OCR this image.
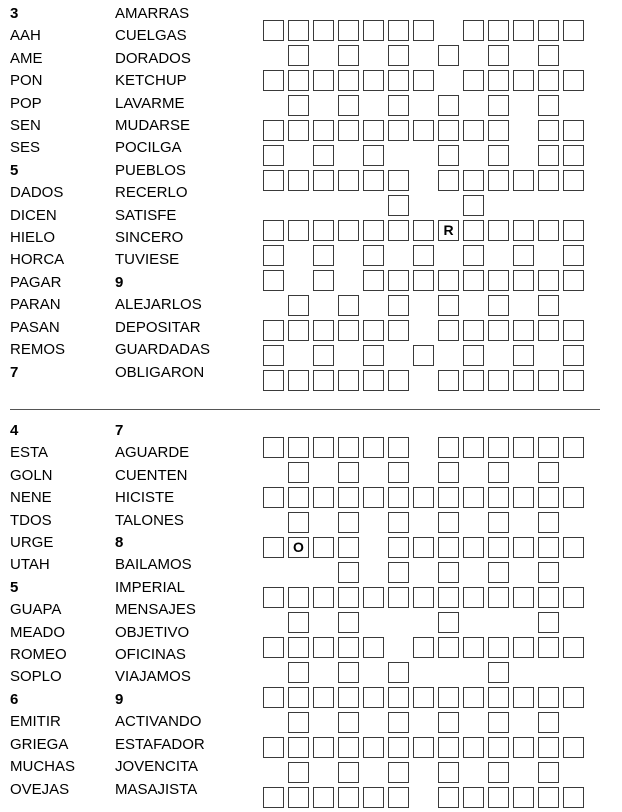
3
AAH
AME
PON
POP
SEN
SES
5
DADOS
DICEN
HIELO
HORCA
PAGAR
PARAN
PASAN
REMOS
7
AMARRAS
CUELGAS
DORADOS
KETCHUP
LAVARME
MUDARSE
POCILGA
PUEBLOS
RECERLO
SATISFE
SINCERO
TUVIESE
9
ALEJARLOS
DEPOSITAR
GUARDADAS
OBLIGARON
R
4
ESTA
GOLN
NENE
TDOS
URGE
UTAH
5
GUAPA
MEADO
ROMEO
SOPLO
6
EMITIR
GRIEGA
MUCHAS
OVEJAS
7
AGUARDE
CUENTEN
HICISTE
TALONES
8
BAILAMOS
IMPERIAL
MENSAJES
OBJETIVO
OFICINAS
VIAJAMOS
9
ACTIVANDO
ESTAFADOR
JOVENCITA
MASAJISTA
O
